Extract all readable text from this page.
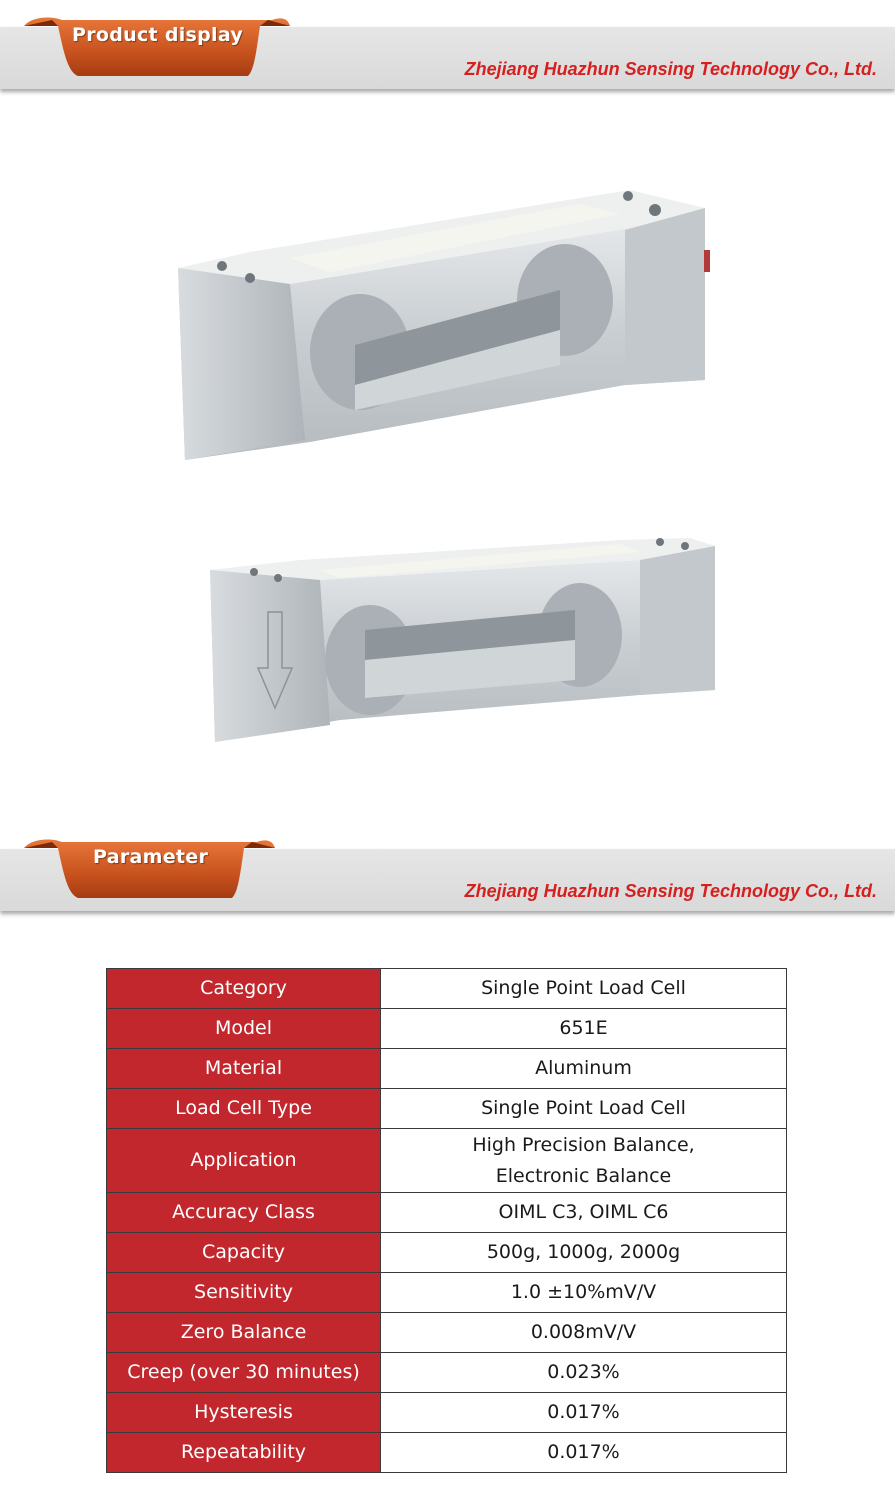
Product display
Zhejiang Huazhun Sensing Technology Co., Ltd.
Parameter
Zhejiang Huazhun Sensing Technology Co., Ltd.
Category	Single Point Load Cell
Model	651E
Material	Aluminum
Load Cell Type	Single Point Load Cell
Application	High Precision Balance, Electronic Balance
Accuracy Class	OIML C3, OIML C6
Capacity	500g, 1000g, 2000g
Sensitivity	1.0 ±10%mV/V
Zero Balance	0.008mV/V
Creep (over 30 minutes)	0.023%
Hysteresis	0.017%
Repeatability	0.017%
